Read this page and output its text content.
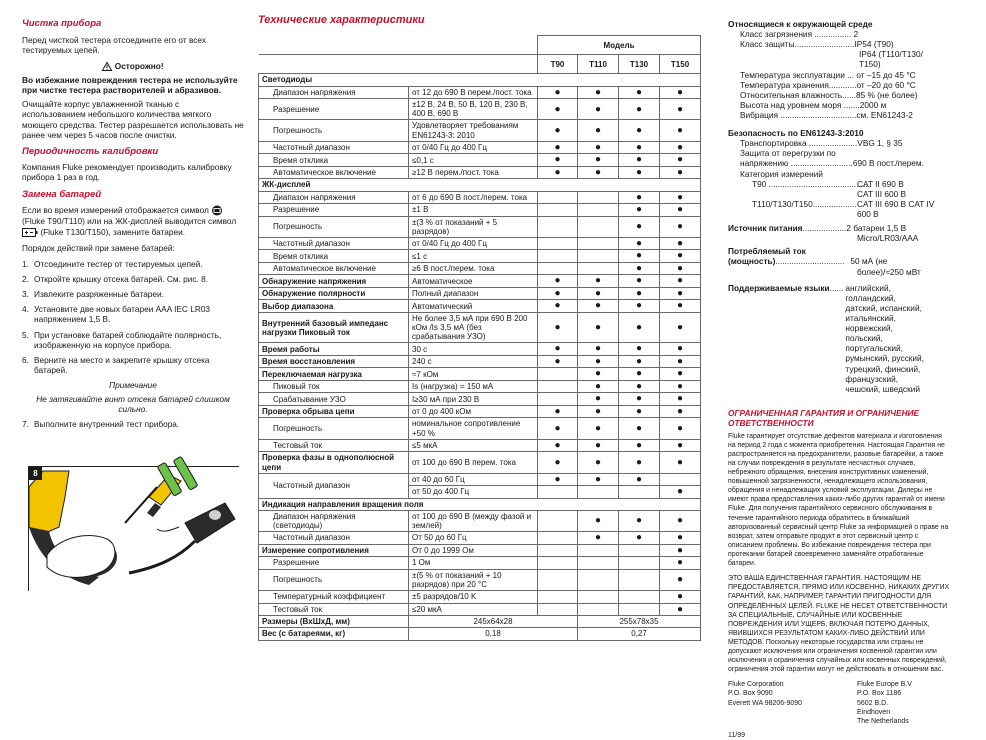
Чистка прибора

Перед чисткой тестера отсоедините его от всех тестируемых цепей.

Осторожно!
Во избежание повреждения тестера не используйте при чистке тестера растворителей и абразивов.

Очищайте корпус увлажненной тканью с использованием небольшого количества мягкого моющего средства. Тестер разрешается использовать не ранее чем через 5 часов после очистки.

Периодичность калибровки

Компания Fluke рекомендует производить калибровку прибора 1 раз в год.

Замена батарей

Если во время измерений отображается символ  (Fluke T90/T110) или на ЖК-дисплей выводится символ  (Fluke T130/T150), замените батареи.

Порядок действий при замене батарей:

1. Отсоедините тестер от тестируемых цепей.
2. Откройте крышку отсека батарей. См. рис. 8.
3. Извлеките разряженные батареи.
4. Установите две новых батареи AAA IEC LR03 напряжением 1,5 В.
5. При установке батарей соблюдайте полярность, изображенную на корпусе прибора.
6. Верните на место и закрепите крышку отсека батарей.
Примечание
Не затягивайте винт отсека батарей слишком сильно.
7. Выполните внутренний тест прибора.
8
Технические характеристики
		Модель			
		T90	T110	T130	T150
Светодиоды					
Диапазон напряжения	от 12 до 690 В перем./пост. тока	●	●	●	●
Разрешение	±12 В, 24 В, 50 В, 120 В, 230 В, 400 В, 690 В	●	●	●	●
Погрешность	Удовлетворяет требованиям EN61243-3: 2010	●	●	●	●
Частотный диапазон	от 0/40 Гц до 400 Гц	●	●	●	●
Время отклика	≤0,1 с	●	●	●	●
Автоматическое включение	≥12 В перем./пост. тока	●	●	●	●
ЖК-дисплей					
Диапазон напряжения	от 6 до 690 В пост./перем. тока			●	●
Разрешение	±1 В			●	●
Погрешность	±(3 % от показаний + 5 разрядов)			●	●
Частотный диапазон	от 0/40 Гц до 400 Гц			●	●
Время отклика	≤1 с			●	●
Автоматическое включение	≥6 В пост./перем. тока			●	●
Обнаружение напряжения	Автоматическое	●	●	●	●
Обнаружение полярности	Полный диапазон	●	●	●	●
Выбор диапазона	Автоматический	●	●	●	●
Внутренний базовый импеданс нагрузки Пиковый ток	Не более 3,5 мА при 690 В 200 кОм /Is 3,5 мА (без срабатывания УЗО)	●	●	●	●
Время работы	30 с	●	●	●	●
Время восстановления	240 с	●	●	●	●
Переключаемая нагрузка	≈7 кОм		●	●	●
Пиковый ток	Is (нагрузка) = 150 мА		●	●	●
Срабатывание УЗО	I≥30 мА при 230 В		●	●	●
Проверка обрыва цепи	от 0 до 400 кОм	●	●	●	●
Погрешность	номинальное сопротивление +50 %	●	●	●	●
Тестовый ток	≤5 мкА	●	●	●	●
Проверка фазы в однополюсной цепи	от 100 до 690 В перем. тока	●	●	●	●
Частотный диапазон	от 40 до 60 Гц	●	●	●	
	от 50 до 400 Гц				●
Индикация направления вращения поля					
Диапазон напряжения (светодиоды)	от 100 до 690 В (между фазой и землей)		●	●	●
Частотный диапазон	От 50 до 60 Гц		●	●	●
Измерение сопротивления	От 0 до 1999 Ом				●
Разрешение	1 Ом				●
Погрешность	±(5 % от показаний + 10 разрядов) при 20 °C				●
Температурный коэффициент	±5 разрядов/10 K				●
Тестовый ток	≤20 мкА				●
Размеры (ВxШxД, мм)	245x64x28		255x78x35		
Вес (с батареями, кг)	0,18		0,27		
Относящиеся к окружающей среде
Класс загрязнения ................ 2
Класс защиты..........................IP54 (T90)
IP64 (T110/T130/
T150)
Температура эксплуатации ... от –15 до 45 °C
Температура хранения............от –20 до 60 °C
Относительная влажность......85 % (не более)
Высота над уровнем моря .......2000 м
Вибрация .................................см. EN61243-2
Безопасность по EN61243-3:2010
Транспортировка .....................VBG 1, § 35
Защита от перегрузки по
напряжению ...........................690 В пост./перем.
Категория измерений
T90 ............................................
CAT II 690 В
CAT III 600 В
T110/T130/T150................... CAT III 690 В CAT IV
600 В
Источник питания ................... 2 батареи 1,5 В
Micro/LR03/AAA
Потребляемый ток
(мощность) .............................. 50 мА (не
более)/≈250 мВт
Поддерживаемые языки ...... английский,
голландский,
датский, испанский,
итальянский,
норвежский,
польский,
португальский,
румынский, русский,
турецкий, финский,
французский,
чешский, шведский
ОГРАНИЧЕННАЯ ГАРАНТИЯ И ОГРАНИЧЕНИЕ ОТВЕТСТВЕННОСТИ
Fluke гарантирует отсутствие дефектов материала и изготовления на период 2 года с момента приобретения. Настоящая Гарантия не распространяется на предохранители, разовые батарейки, а также на случаи повреждения в результате несчастных случаев, небрежного обращения, внесения конструктивных изменений, повышенной загрязненности, ненадлежащего использования, обращения и ненадлежащих условий эксплуатации. Дилеры не имеют права предоставления каких-либо других гарантий от имени Fluke. Для получения гарантийного сервисного обслуживания в течение гарантийного периода обратитесь в ближайший авторизованный сервисный центр Fluke за информацией о праве на возврат, затем отправьте продукт в этот сервисный центр с описанием проблемы. Во избежание повреждения тестера при протекании батарей своевременно заменяйте отработанные батареи.
ЭТО ВАША ЕДИНСТВЕННАЯ ГАРАНТИЯ. НАСТОЯЩИМ НЕ ПРЕДОСТАВЛЯЕТСЯ, ПРЯМО ИЛИ КОСВЕННО, НИКАКИХ ДРУГИХ ГАРАНТИЙ, КАК, НАПРИМЕР, ГАРАНТИИ ПРИГОДНОСТИ ДЛЯ ОПРЕДЕЛЁННЫХ ЦЕЛЕЙ. FLUKE НЕ НЕСЕТ ОТВЕТСТВЕННОСТИ ЗА СПЕЦИАЛЬНЫЕ, СЛУЧАЙНЫЕ ИЛИ КОСВЕННЫЕ ПОВРЕЖДЕНИЯ ИЛИ УЩЕРБ, ВКЛЮЧАЯ ПОТЕРЮ ДАННЫХ, ЯВИВШИХСЯ РЕЗУЛЬТАТОМ КАКИХ-ЛИБО ДЕЙСТВИЙ ИЛИ МЕТОДОВ. Поскольку некоторые государства или страны не допускают исключения или ограничения косвенной гарантии или исключения и ограничения случайных или косвенных повреждений, ограничения этой гарантии могут не действовать в отношении вас.
Fluke Corporation
P.O. Box 9090
Everett WA 98206-9090
Fluke Europe B.V
P.O. Box 1186
5602 B.D.
Eindhoven
The Netherlands
11/99
